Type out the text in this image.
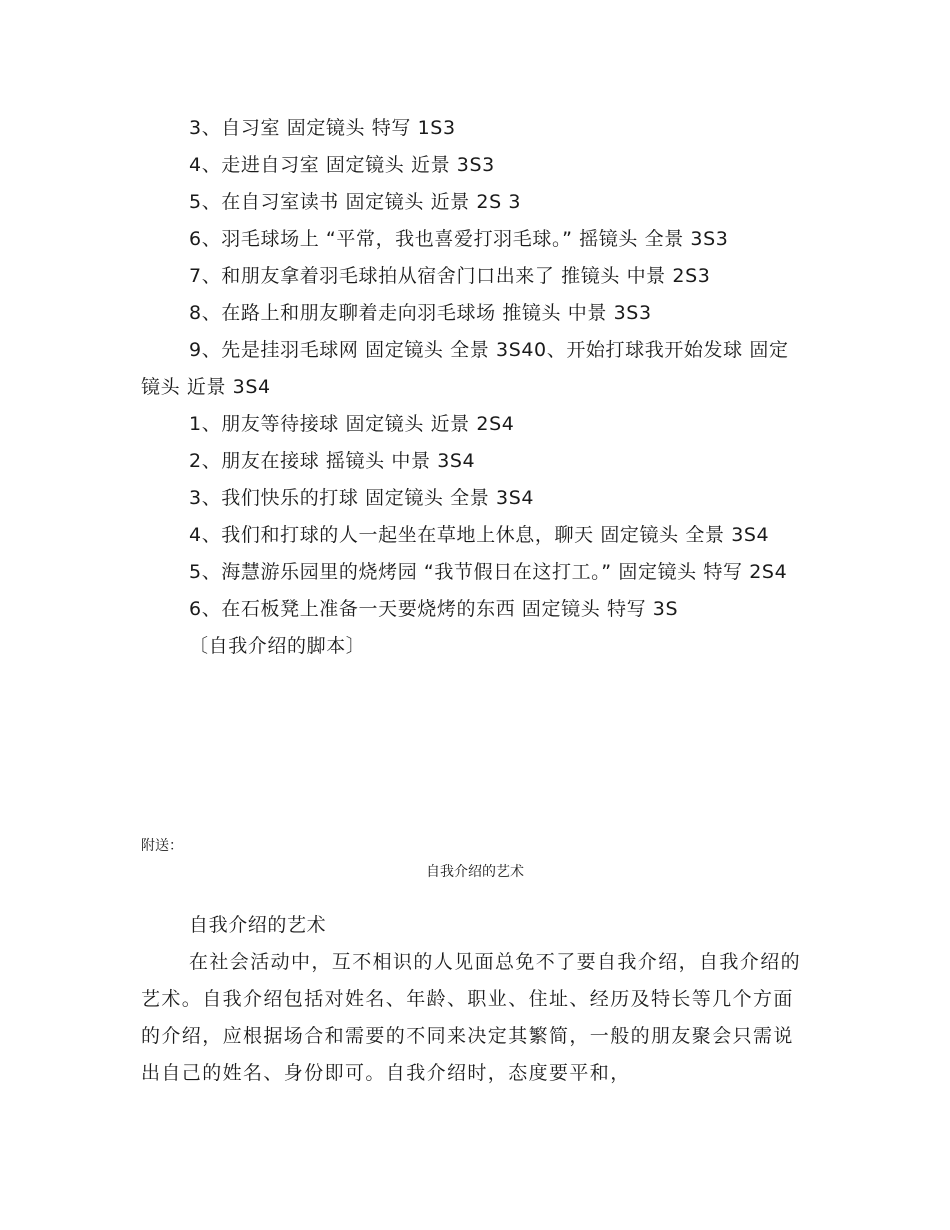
3、自习室 固定镜头 特写 1S3
4、走进自习室 固定镜头 近景 3S3
5、在自习室读书 固定镜头 近景 2S 3
6、羽毛球场上 “平常，我也喜爱打羽毛球。” 摇镜头 全景 3S3
7、和朋友拿着羽毛球拍从宿舍门口出来了 推镜头 中景 2S3
8、在路上和朋友聊着走向羽毛球场 推镜头 中景 3S3
9、先是挂羽毛球网 固定镜头 全景 3S40、开始打球我开始发球 固定镜头 近景 3S4
1、朋友等待接球 固定镜头 近景 2S4
2、朋友在接球 摇镜头 中景 3S4
3、我们快乐的打球 固定镜头 全景 3S4
4、我们和打球的人一起坐在草地上休息，聊天 固定镜头 全景 3S4
5、海慧游乐园里的烧烤园 “我节假日在这打工。” 固定镜头 特写 2S4
6、在石板凳上准备一天要烧烤的东西 固定镜头 特写 3S
〔自我介绍的脚本〕
附送：
自我介绍的艺术
自我介绍的艺术

在社会活动中，互不相识的人见面总免不了要自我介绍，自我介绍的艺术。自我介绍包括对姓名、年龄、职业、住址、经历及特长等几个方面的介绍，应根据场合和需要的不同来决定其繁简，一般的朋友聚会只需说出自己的姓名、身份即可。自我介绍时，态度要平和，
